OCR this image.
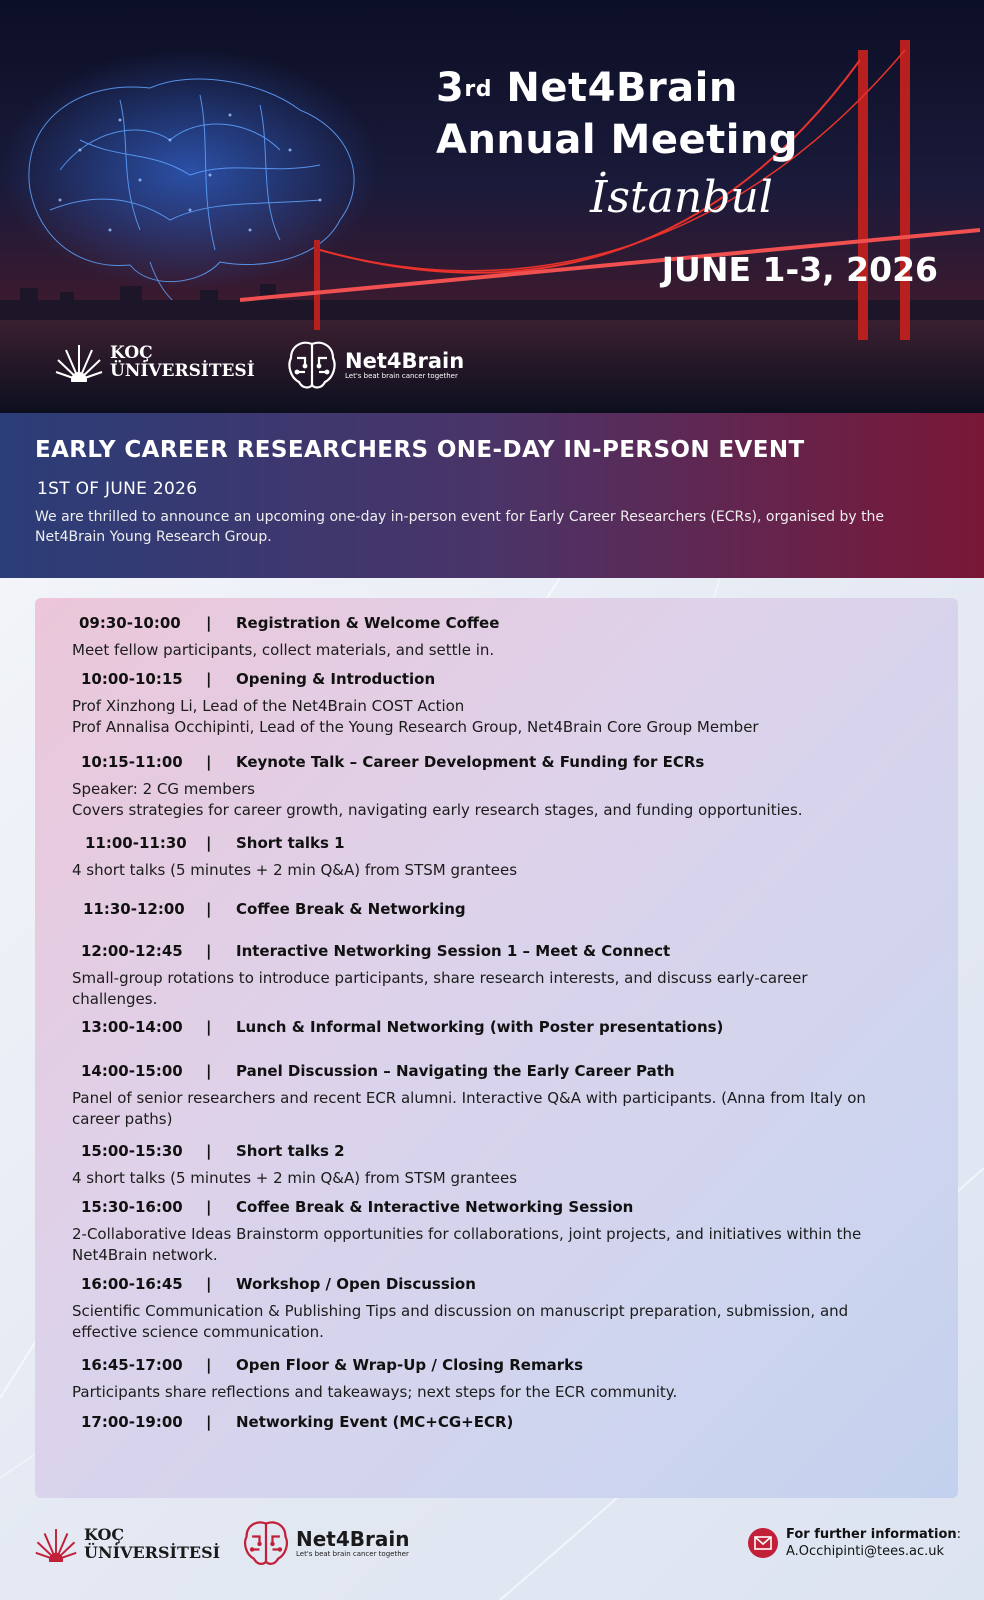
3rd Net4Brain
Annual Meeting
İstanbul
JUNE 1-3, 2026
KOÇ
ÜNİVERSİTESİ	Net4Brain
Let's beat brain cancer together
EARLY CAREER RESEARCHERS ONE-DAY IN-PERSON EVENT
1ST OF JUNE 2026
We are thrilled to announce an upcoming one-day in-person event for Early Career Researchers (ECRs), organised by the Net4Brain Young Research Group.
09:30-10:00 | Registration & Welcome Coffee
Meet fellow participants, collect materials, and settle in.
10:00-10:15 | Opening & Introduction
Prof Xinzhong Li, Lead of the Net4Brain COST Action
Prof Annalisa Occhipinti, Lead of the Young Research Group, Net4Brain Core Group Member
10:15-11:00 | Keynote Talk – Career Development & Funding for ECRs
Speaker: 2 CG members
Covers strategies for career growth, navigating early research stages, and funding opportunities.
11:00-11:30 | Short talks 1
4 short talks (5 minutes + 2 min Q&A) from STSM grantees
11:30-12:00 | Coffee Break & Networking
12:00-12:45 | Interactive Networking Session 1 – Meet & Connect
Small-group rotations to introduce participants, share research interests, and discuss early-career challenges.
13:00-14:00 | Lunch & Informal Networking (with Poster presentations)
14:00-15:00 | Panel Discussion – Navigating the Early Career Path
Panel of senior researchers and recent ECR alumni. Interactive Q&A with participants. (Anna from Italy on career paths)
15:00-15:30 | Short talks 2
4 short talks (5 minutes + 2 min Q&A) from STSM grantees
15:30-16:00 | Coffee Break & Interactive Networking Session
2-Collaborative Ideas Brainstorm opportunities for collaborations, joint projects, and initiatives within the Net4Brain network.
16:00-16:45 | Workshop / Open Discussion
Scientific Communication & Publishing Tips and discussion on manuscript preparation, submission, and effective science communication.
16:45-17:00 | Open Floor & Wrap-Up / Closing Remarks
Participants share reflections and takeaways; next steps for the ECR community.
17:00-19:00 | Networking Event (MC+CG+ECR)
KOÇ
ÜNİVERSİTESİ
Net4Brain
Let's beat brain cancer together
For further information:
A.Occhipinti@tees.ac.uk
